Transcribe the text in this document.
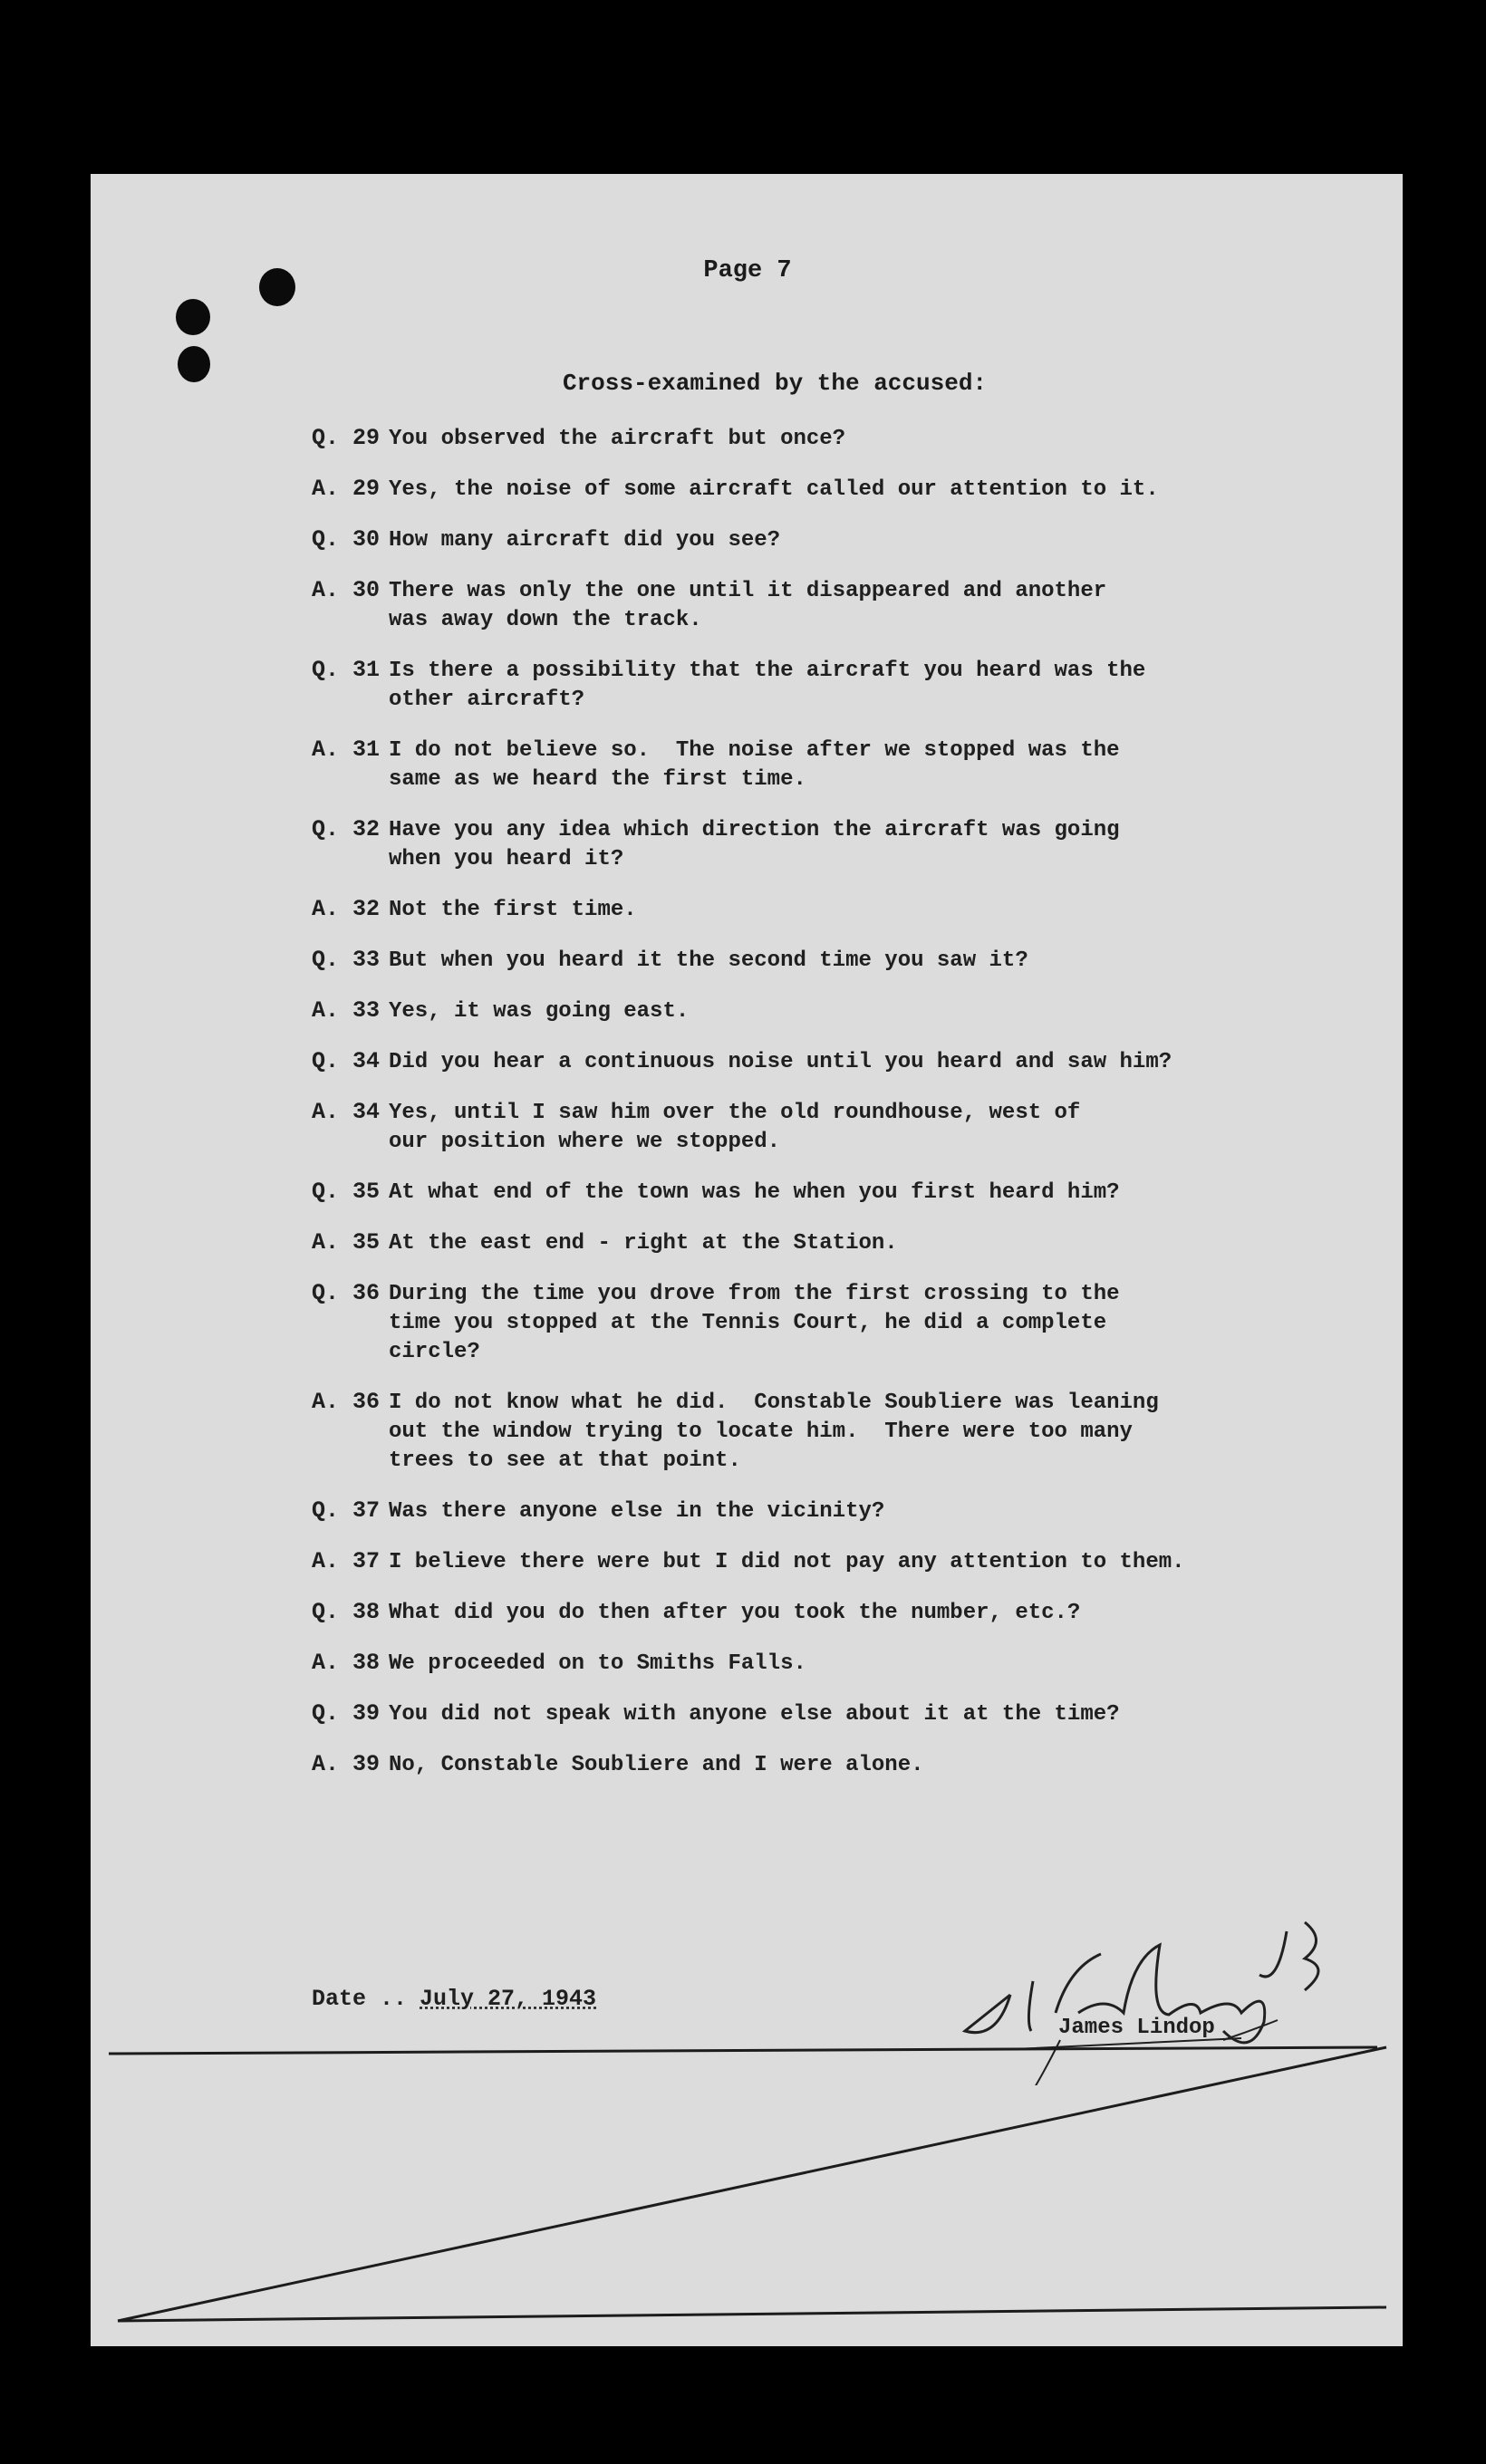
Page 7
Cross-examined by the accused:
Q. 29 You observed the aircraft but once?
A. 29 Yes, the noise of some aircraft called our attention to it.
Q. 30 How many aircraft did you see?
A. 30 There was only the one until it disappeared and another
was away down the track.
Q. 31 Is there a possibility that the aircraft you heard was the
other aircraft?
A. 31 I do not believe so.  The noise after we stopped was the
same as we heard the first time.
Q. 32 Have you any idea which direction the aircraft was going
when you heard it?
A. 32 Not the first time.
Q. 33 But when you heard it the second time you saw it?
A. 33 Yes, it was going east.
Q. 34 Did you hear a continuous noise until you heard and saw him?
A. 34 Yes, until I saw him over the old roundhouse, west of
our position where we stopped.
Q. 35 At what end of the town was he when you first heard him?
A. 35 At the east end - right at the Station.
Q. 36 During the time you drove from the first crossing to the
time you stopped at the Tennis Court, he did a complete
circle?
A. 36 I do not know what he did.  Constable Soubliere was leaning
out the window trying to locate him.  There were too many
trees to see at that point.
Q. 37 Was there anyone else in the vicinity?
A. 37 I believe there were but I did not pay any attention to them.
Q. 38 What did you do then after you took the number, etc.?
A. 38 We proceeded on to Smiths Falls.
Q. 39 You did not speak with anyone else about it at the time?
A. 39 No, Constable Soubliere and I were alone.
Date .. July 27, 1943
James Lindop
